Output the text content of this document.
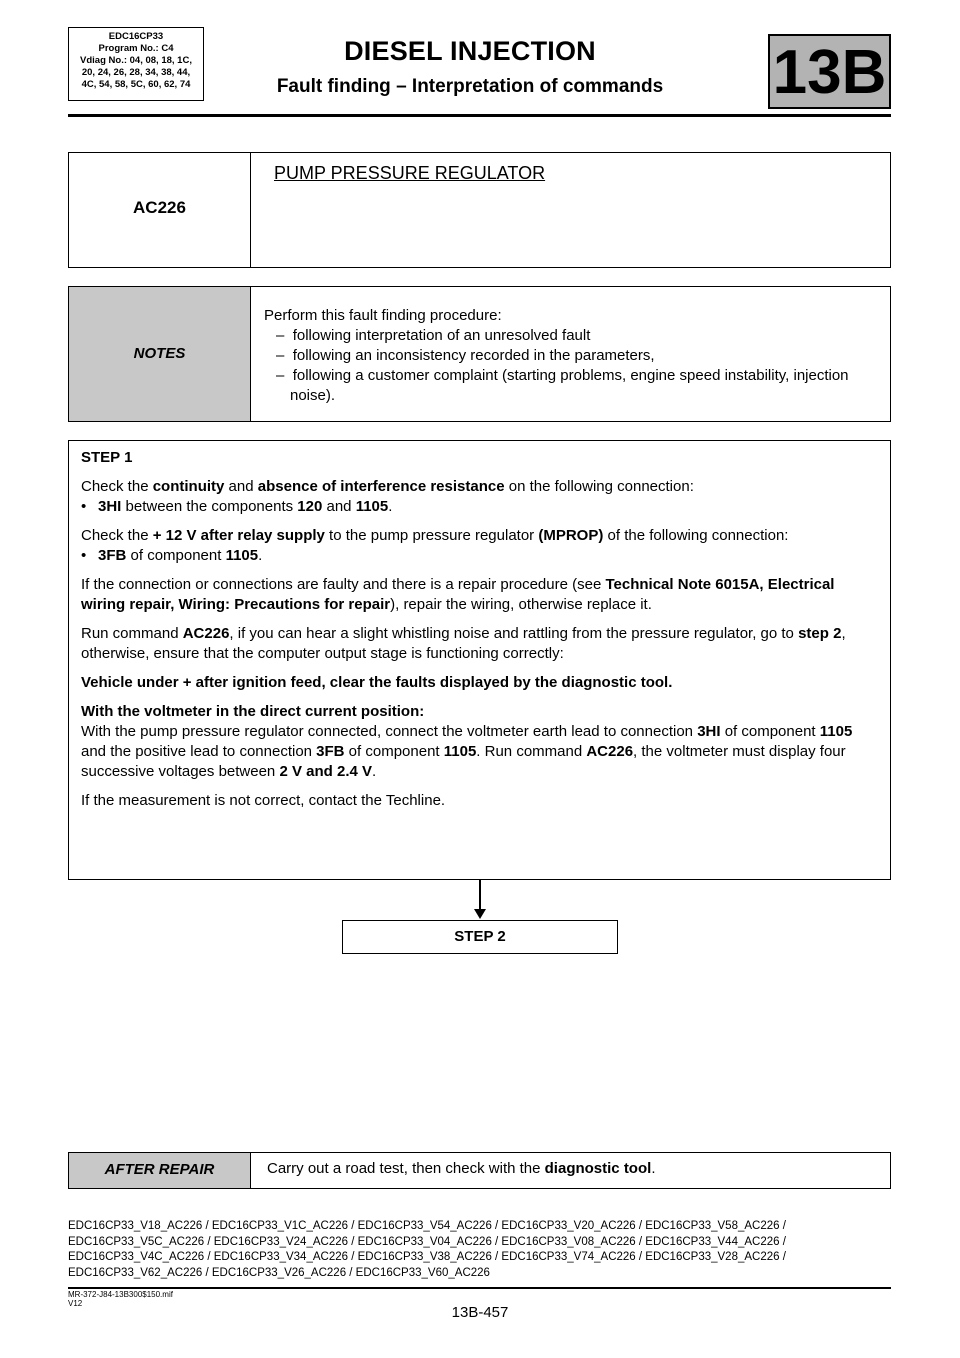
EDC16CP33
Program No.: C4
Vdiag No.: 04, 08, 18, 1C,
20, 24, 26, 28, 34, 38, 44,
4C, 54, 58, 5C, 60, 62, 74
DIESEL INJECTION
Fault finding – Interpretation of commands	13B
AC226
PUMP PRESSURE REGULATOR
NOTES
Perform this fault finding procedure:
–  following interpretation of an unresolved fault
–  following an inconsistency recorded in the parameters,
–  following a customer complaint (starting problems, engine speed instability, injection noise).

STEP 1

Check the continuity and absence of interference resistance on the following connection:

• 3HI between the components 120 and 1105.

Check the + 12 V after relay supply to the pump pressure regulator (MPROP) of the following connection:

• 3FB of component 1105.

If the connection or connections are faulty and there is a repair procedure (see Technical Note 6015A, Electrical wiring repair, Wiring: Precautions for repair), repair the wiring, otherwise replace it.

Run command AC226, if you can hear a slight whistling noise and rattling from the pressure regulator, go to step 2, otherwise, ensure that the computer output stage is functioning correctly:

Vehicle under + after ignition feed, clear the faults displayed by the diagnostic tool.

With the voltmeter in the direct current position:
With the pump pressure regulator connected, connect the voltmeter earth lead to connection 3HI of component 1105 and the positive lead to connection 3FB of component 1105. Run command AC226, the voltmeter must display four successive voltages between 2 V and 2.4 V.

If the measurement is not correct, contact the Techline.

STEP 2
AFTER REPAIR	Carry out a road test, then check with the diagnostic tool.
EDC16CP33_V18_AC226 / EDC16CP33_V1C_AC226 / EDC16CP33_V54_AC226 / EDC16CP33_V20_AC226 / EDC16CP33_V58_AC226 /
EDC16CP33_V5C_AC226 / EDC16CP33_V24_AC226 / EDC16CP33_V04_AC226 / EDC16CP33_V08_AC226 / EDC16CP33_V44_AC226 /
EDC16CP33_V4C_AC226 / EDC16CP33_V34_AC226 / EDC16CP33_V38_AC226 / EDC16CP33_V74_AC226 / EDC16CP33_V28_AC226 /
EDC16CP33_V62_AC226 / EDC16CP33_V26_AC226 / EDC16CP33_V60_AC226
MR-372-J84-13B300$150.mif
V12
13B-457
